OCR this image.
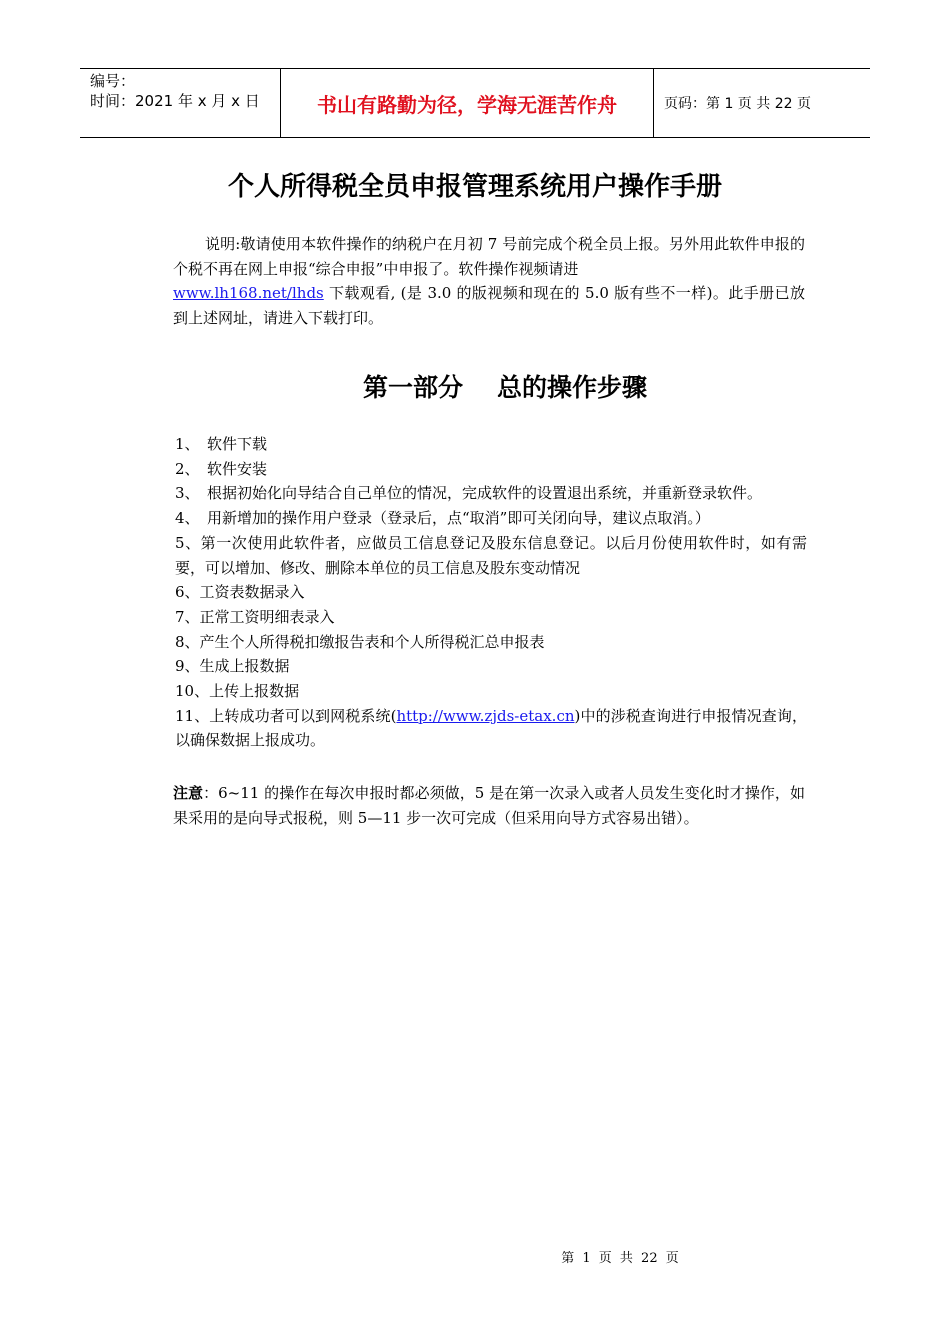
编号：
时间：2021 年 x 月 x 日	书山有路勤为径，学海无涯苦作舟	页码：第 1 页 共 22 页
个人所得税全员申报管理系统用户操作手册
说明:敬请使用本软件操作的纳税户在月初 7 号前完成个税全员上报。另外用此软件申报的个税不再在网上申报“综合申报”中申报了。软件操作视频请进
www.lh168.net/lhds 下载观看, (是 3.0 的版视频和现在的 5.0 版有些不一样)。此手册已放到上述网址，请进入下载打印。
第一部分 总的操作步骤
1、 软件下载
2、 软件安装
3、 根据初始化向导结合自己单位的情况，完成软件的设置退出系统，并重新登录软件。
4、 用新增加的操作用户登录（登录后，点“取消”即可关闭向导，建议点取消。）
5、第一次使用此软件者，应做员工信息登记及股东信息登记。以后月份使用软件时，如有需要，可以增加、修改、删除本单位的员工信息及股东变动情况
6、工资表数据录入
7、正常工资明细表录入
8、产生个人所得税扣缴报告表和个人所得税汇总申报表
9、生成上报数据
10、上传上报数据
11、上转成功者可以到网税系统(http://www.zjds-etax.cn)中的涉税查询进行申报情况查询，以确保数据上报成功。
注意：6~11 的操作在每次申报时都必须做，5 是在第一次录入或者人员发生变化时才操作，如果采用的是向导式报税，则 5—11 步一次可完成（但采用向导方式容易出错）。
第 1 页 共 22 页
